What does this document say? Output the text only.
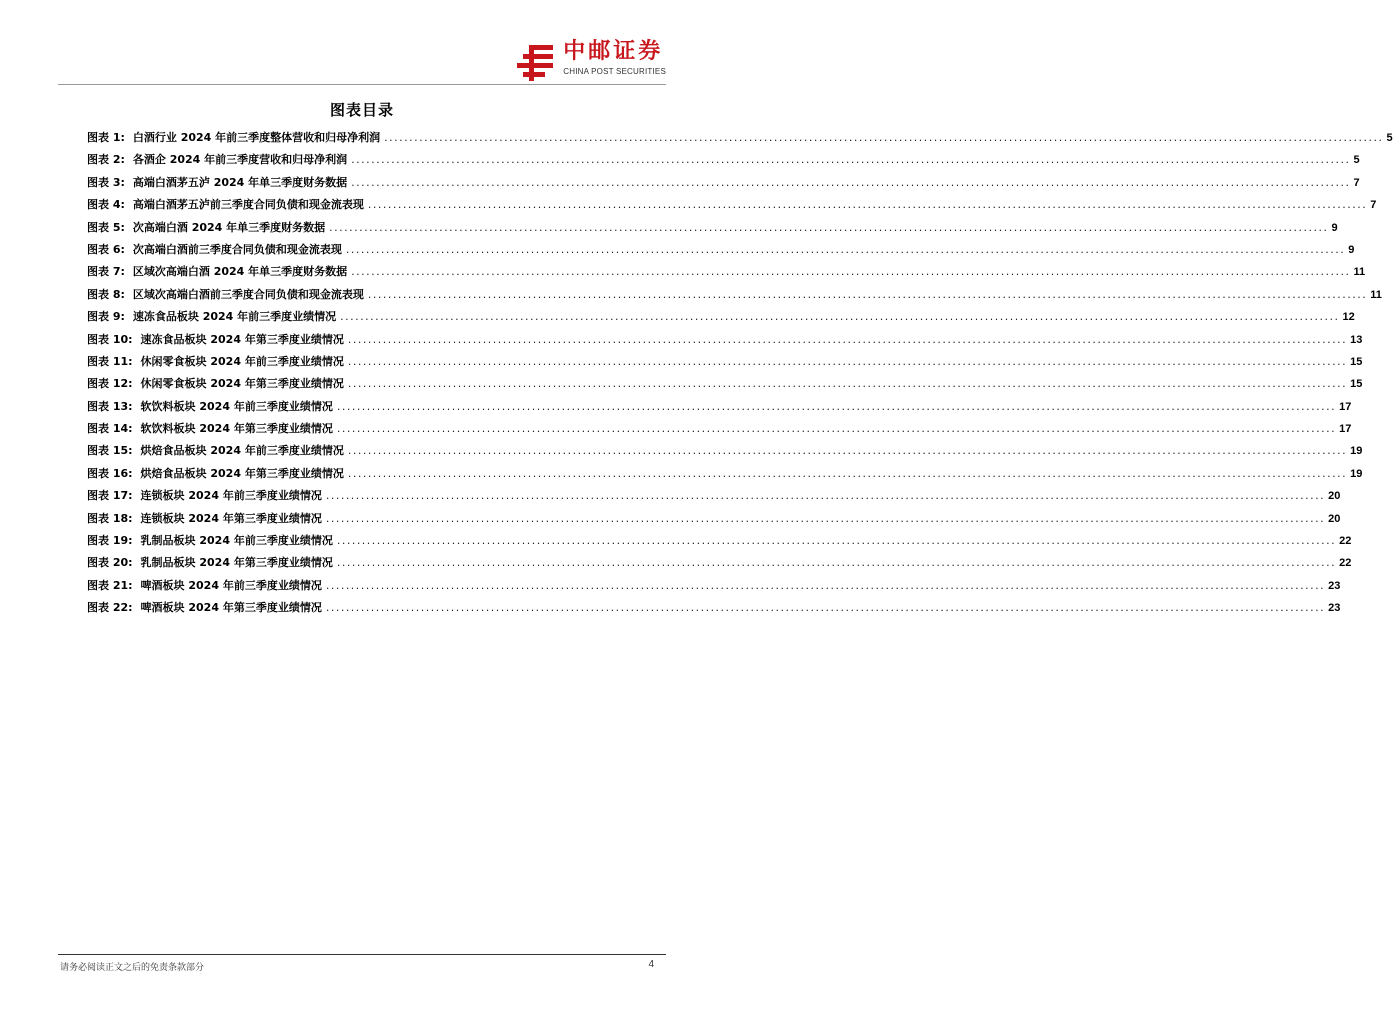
中邮证券
CHINA POST SECURITIES
图表目录
图表 1: 白酒行业 2024 年前三季度整体营收和归母净利润 ........................................................................................................................................................................................................ 5
图表 2: 各酒企 2024 年前三季度营收和归母净利润 ........................................................................................................................................................................................................ 5
图表 3: 高端白酒茅五泸 2024 年单三季度财务数据 ........................................................................................................................................................................................................ 7
图表 4: 高端白酒茅五泸前三季度合同负债和现金流表现 ........................................................................................................................................................................................................ 7
图表 5: 次高端白酒 2024 年单三季度财务数据 ........................................................................................................................................................................................................ 9
图表 6: 次高端白酒前三季度合同负债和现金流表现 ........................................................................................................................................................................................................ 9
图表 7: 区域次高端白酒 2024 年单三季度财务数据 ........................................................................................................................................................................................................ 11
图表 8: 区域次高端白酒前三季度合同负债和现金流表现 ........................................................................................................................................................................................................ 11
图表 9: 速冻食品板块 2024 年前三季度业绩情况 ........................................................................................................................................................................................................ 12
图表 10: 速冻食品板块 2024 年第三季度业绩情况 ........................................................................................................................................................................................................ 13
图表 11: 休闲零食板块 2024 年前三季度业绩情况 ........................................................................................................................................................................................................ 15
图表 12: 休闲零食板块 2024 年第三季度业绩情况 ........................................................................................................................................................................................................ 15
图表 13: 软饮料板块 2024 年前三季度业绩情况 ........................................................................................................................................................................................................ 17
图表 14: 软饮料板块 2024 年第三季度业绩情况 ........................................................................................................................................................................................................ 17
图表 15: 烘焙食品板块 2024 年前三季度业绩情况 ........................................................................................................................................................................................................ 19
图表 16: 烘焙食品板块 2024 年第三季度业绩情况 ........................................................................................................................................................................................................ 19
图表 17: 连锁板块 2024 年前三季度业绩情况 ........................................................................................................................................................................................................ 20
图表 18: 连锁板块 2024 年第三季度业绩情况 ........................................................................................................................................................................................................ 20
图表 19: 乳制品板块 2024 年前三季度业绩情况 ........................................................................................................................................................................................................ 22
图表 20: 乳制品板块 2024 年第三季度业绩情况 ........................................................................................................................................................................................................ 22
图表 21: 啤酒板块 2024 年前三季度业绩情况 ........................................................................................................................................................................................................ 23
图表 22: 啤酒板块 2024 年第三季度业绩情况 ........................................................................................................................................................................................................ 23
请务必阅读正文之后的免责条款部分	4
